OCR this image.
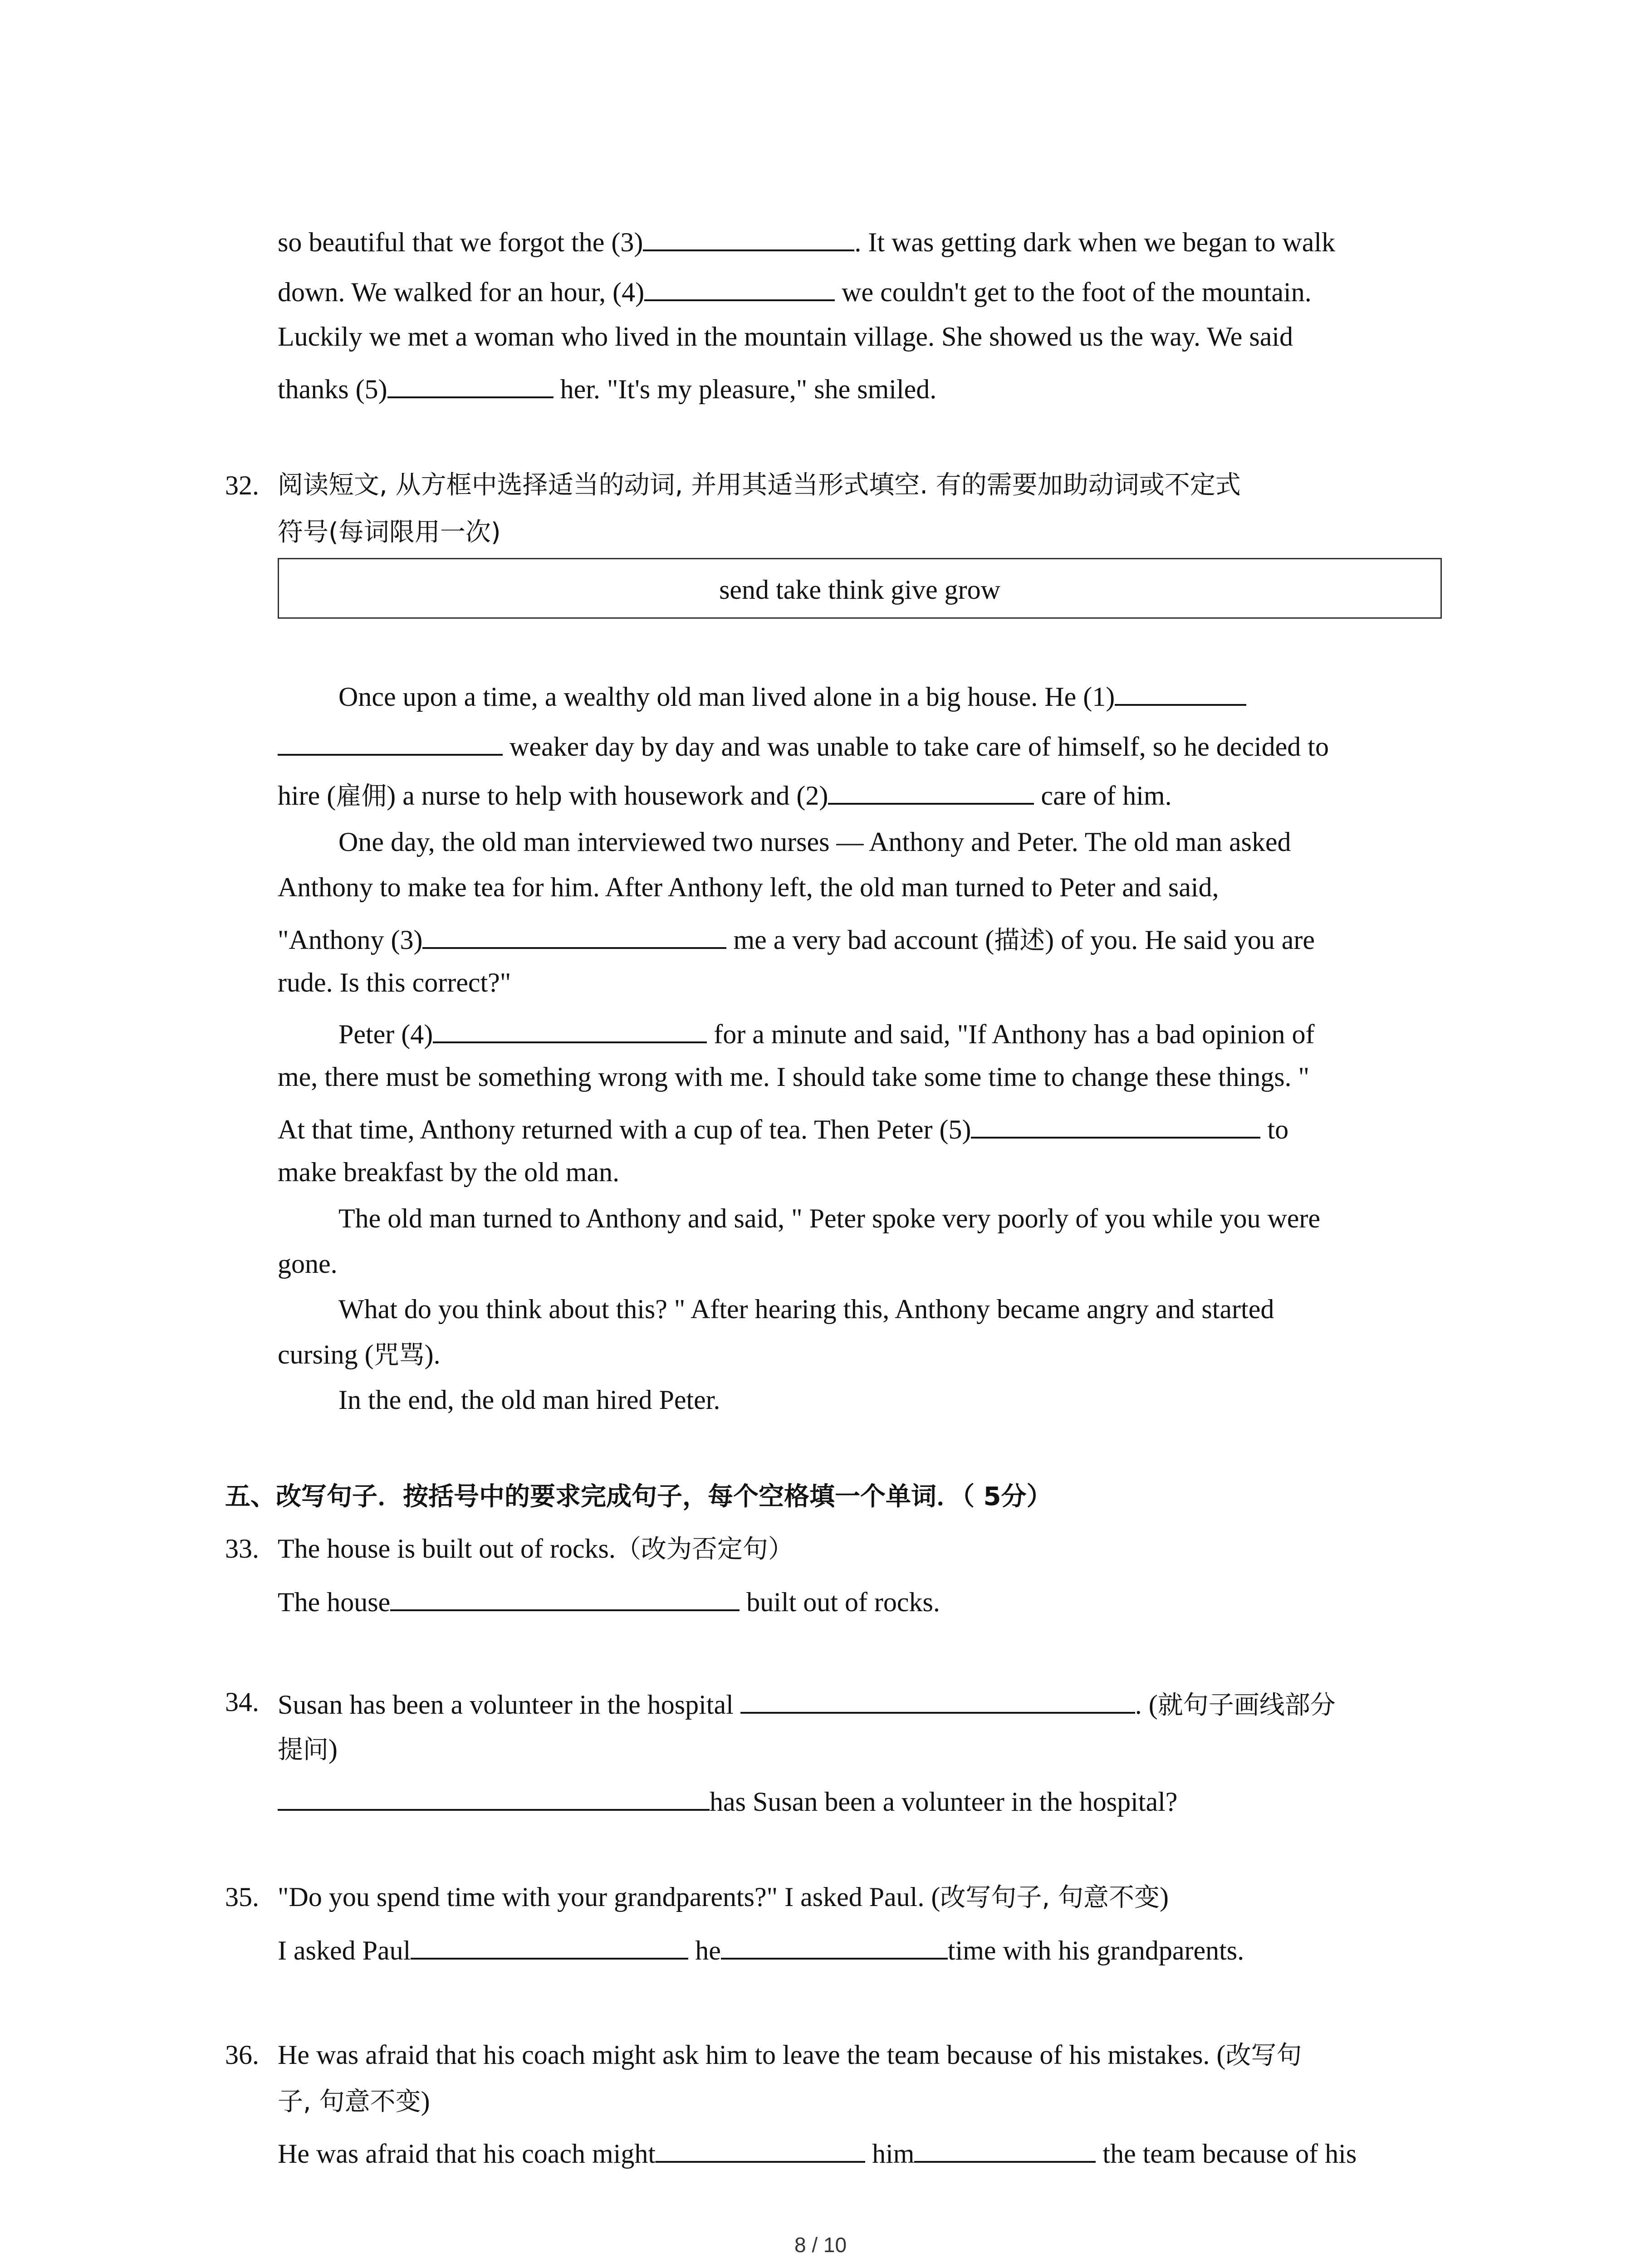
so beautiful that we forgot the (3)	. It was getting dark when we began to walk
down. We walked for an hour, (4)	we couldn't get to the foot of the mountain.
Luckily we met a woman who lived in the mountain village. She showed us the way. We said
thanks (5)	her. "It's my pleasure," she smiled.
32. 阅读短文, 从方框中选择适当的动词, 并用其适当形式填空. 有的需要加助动词或不定式
符号(每词限用一次)
send take think give grow
Once upon a time, a wealthy old man lived alone in a big house. He (1)
weaker day by day and was unable to take care of himself, so he decided to
hire (雇佣) a nurse to help with housework and (2)	care of him.
One day, the old man interviewed two nurses — Anthony and Peter. The old man asked
Anthony to make tea for him. After Anthony left, the old man turned to Peter and said,
"Anthony (3)	me a very bad account (描述) of you. He said you are
rude. Is this correct?"
Peter (4)	for a minute and said, "If Anthony has a bad opinion of
me, there must be something wrong with me. I should take some time to change these things. "
At that time, Anthony returned with a cup of tea. Then Peter (5)	to
make breakfast by the old man.
The old man turned to Anthony and said, " Peter spoke very poorly of you while you were
gone.
What do you think about this? " After hearing this, Anthony became angry and started
cursing (咒骂).
In the end, the old man hired Peter.
五、改写句子．按括号中的要求完成句子，每个空格填一个单词．（ 5分）
33. The house is built out of rocks.（改为否定句）
The house	built out of rocks.
34. Susan has been a volunteer in the hospital	. (就句子画线部分
提问)
has Susan been a volunteer in the hospital?
35. "Do you spend time with your grandparents?" I asked Paul. (改写句子, 句意不变)
I asked Paul	he	time with his grandparents.
36. He was afraid that his coach might ask him to leave the team because of his mistakes. (改写句
子, 句意不变)
He was afraid that his coach might	him	the team because of his
8 / 10
